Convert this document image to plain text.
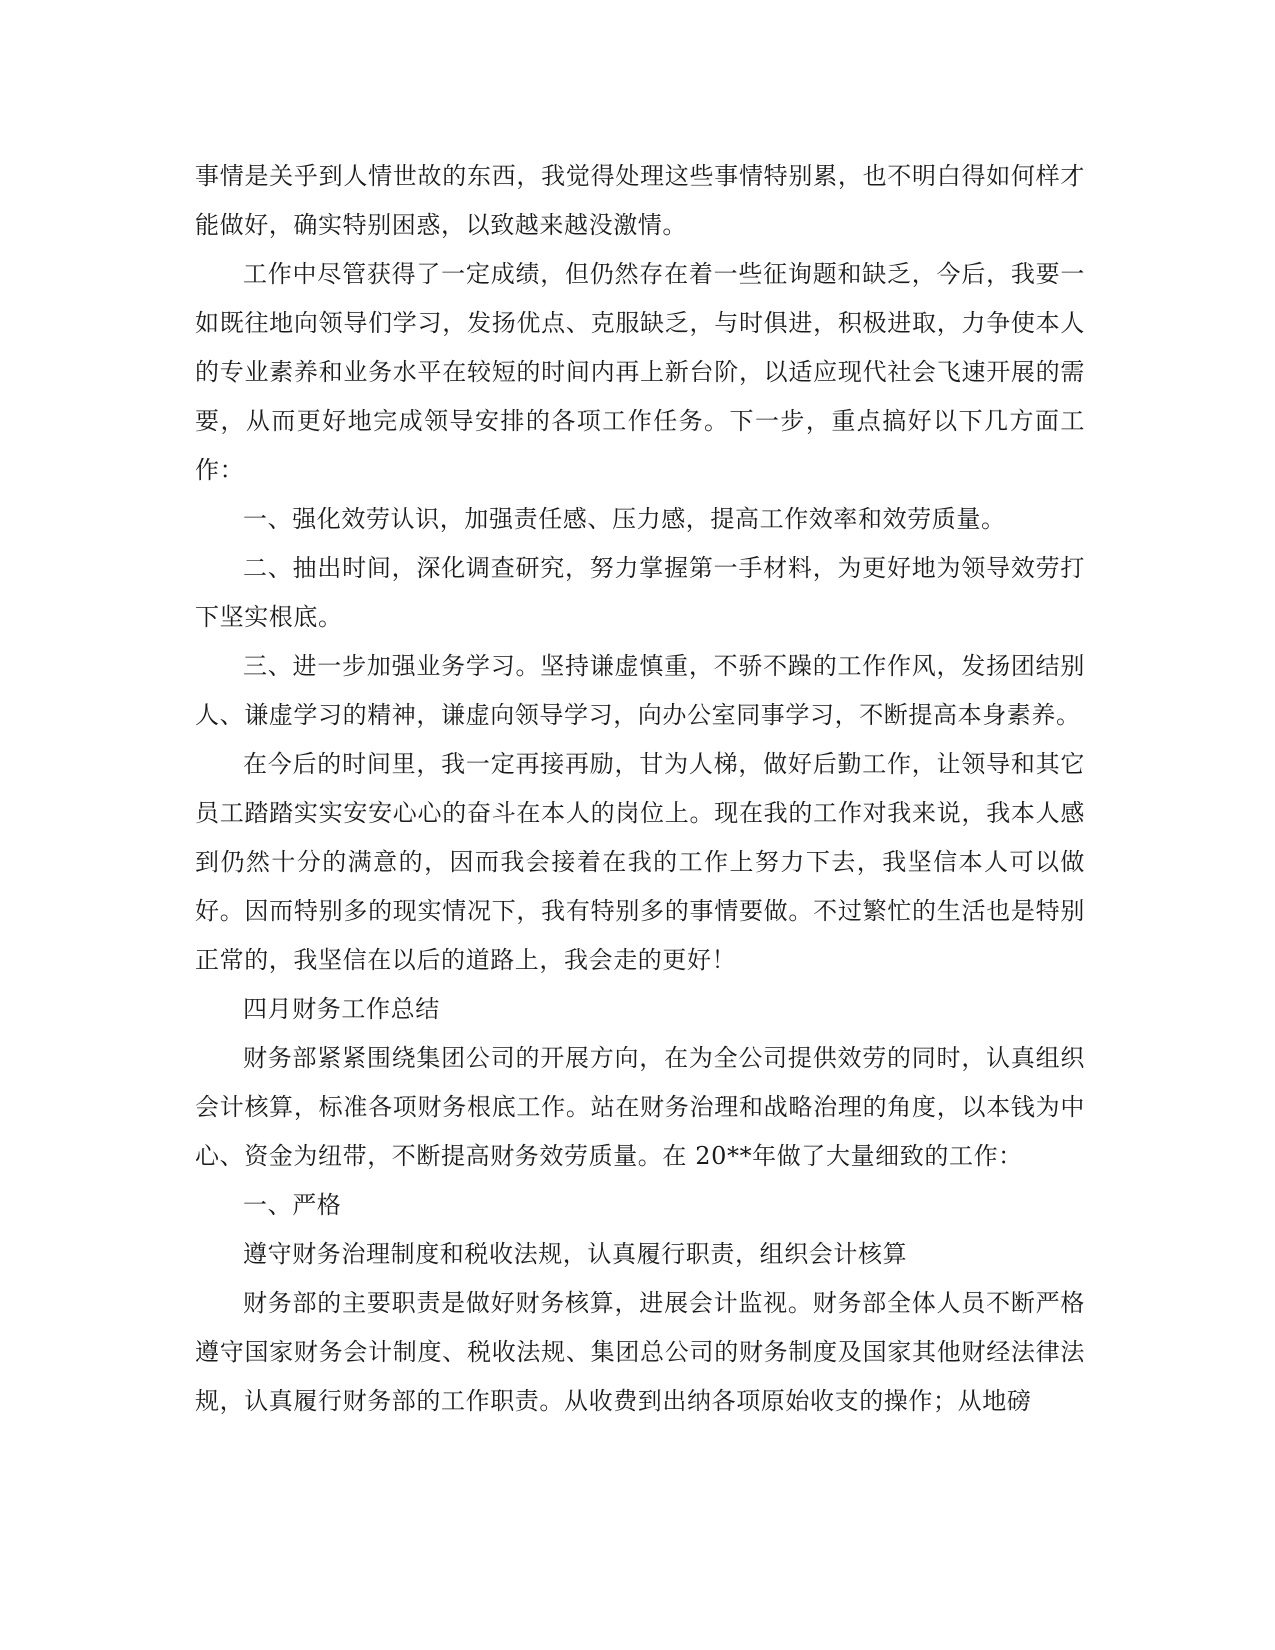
事情是关乎到人情世故的东西，我觉得处理这些事情特别累，也不明白得如何样才能做好，确实特别困惑，以致越来越没激情。

工作中尽管获得了一定成绩，但仍然存在着一些征询题和缺乏，今后，我要一如既往地向领导们学习，发扬优点、克服缺乏，与时俱进，积极进取，力争使本人的专业素养和业务水平在较短的时间内再上新台阶，以适应现代社会飞速开展的需要，从而更好地完成领导安排的各项工作任务。下一步，重点搞好以下几方面工作：

一、强化效劳认识，加强责任感、压力感，提高工作效率和效劳质量。

二、抽出时间，深化调查研究，努力掌握第一手材料，为更好地为领导效劳打下坚实根底。

三、进一步加强业务学习。坚持谦虚慎重，不骄不躁的工作作风，发扬团结别人、谦虚学习的精神，谦虚向领导学习，向办公室同事学习，不断提高本身素养。

在今后的时间里，我一定再接再励，甘为人梯，做好后勤工作，让领导和其它员工踏踏实实安安心心的奋斗在本人的岗位上。现在我的工作对我来说，我本人感到仍然十分的满意的，因而我会接着在我的工作上努力下去，我坚信本人可以做好。因而特别多的现实情况下，我有特别多的事情要做。不过繁忙的生活也是特别正常的，我坚信在以后的道路上，我会走的更好！

四月财务工作总结

财务部紧紧围绕集团公司的开展方向，在为全公司提供效劳的同时，认真组织会计核算，标准各项财务根底工作。站在财务治理和战略治理的角度，以本钱为中心、资金为纽带，不断提高财务效劳质量。在 20**年做了大量细致的工作：

一、严格

遵守财务治理制度和税收法规，认真履行职责，组织会计核算

财务部的主要职责是做好财务核算，进展会计监视。财务部全体人员不断严格遵守国家财务会计制度、税收法规、集团总公司的财务制度及国家其他财经法律法规，认真履行财务部的工作职责。从收费到出纳各项原始收支的操作；从地磅
